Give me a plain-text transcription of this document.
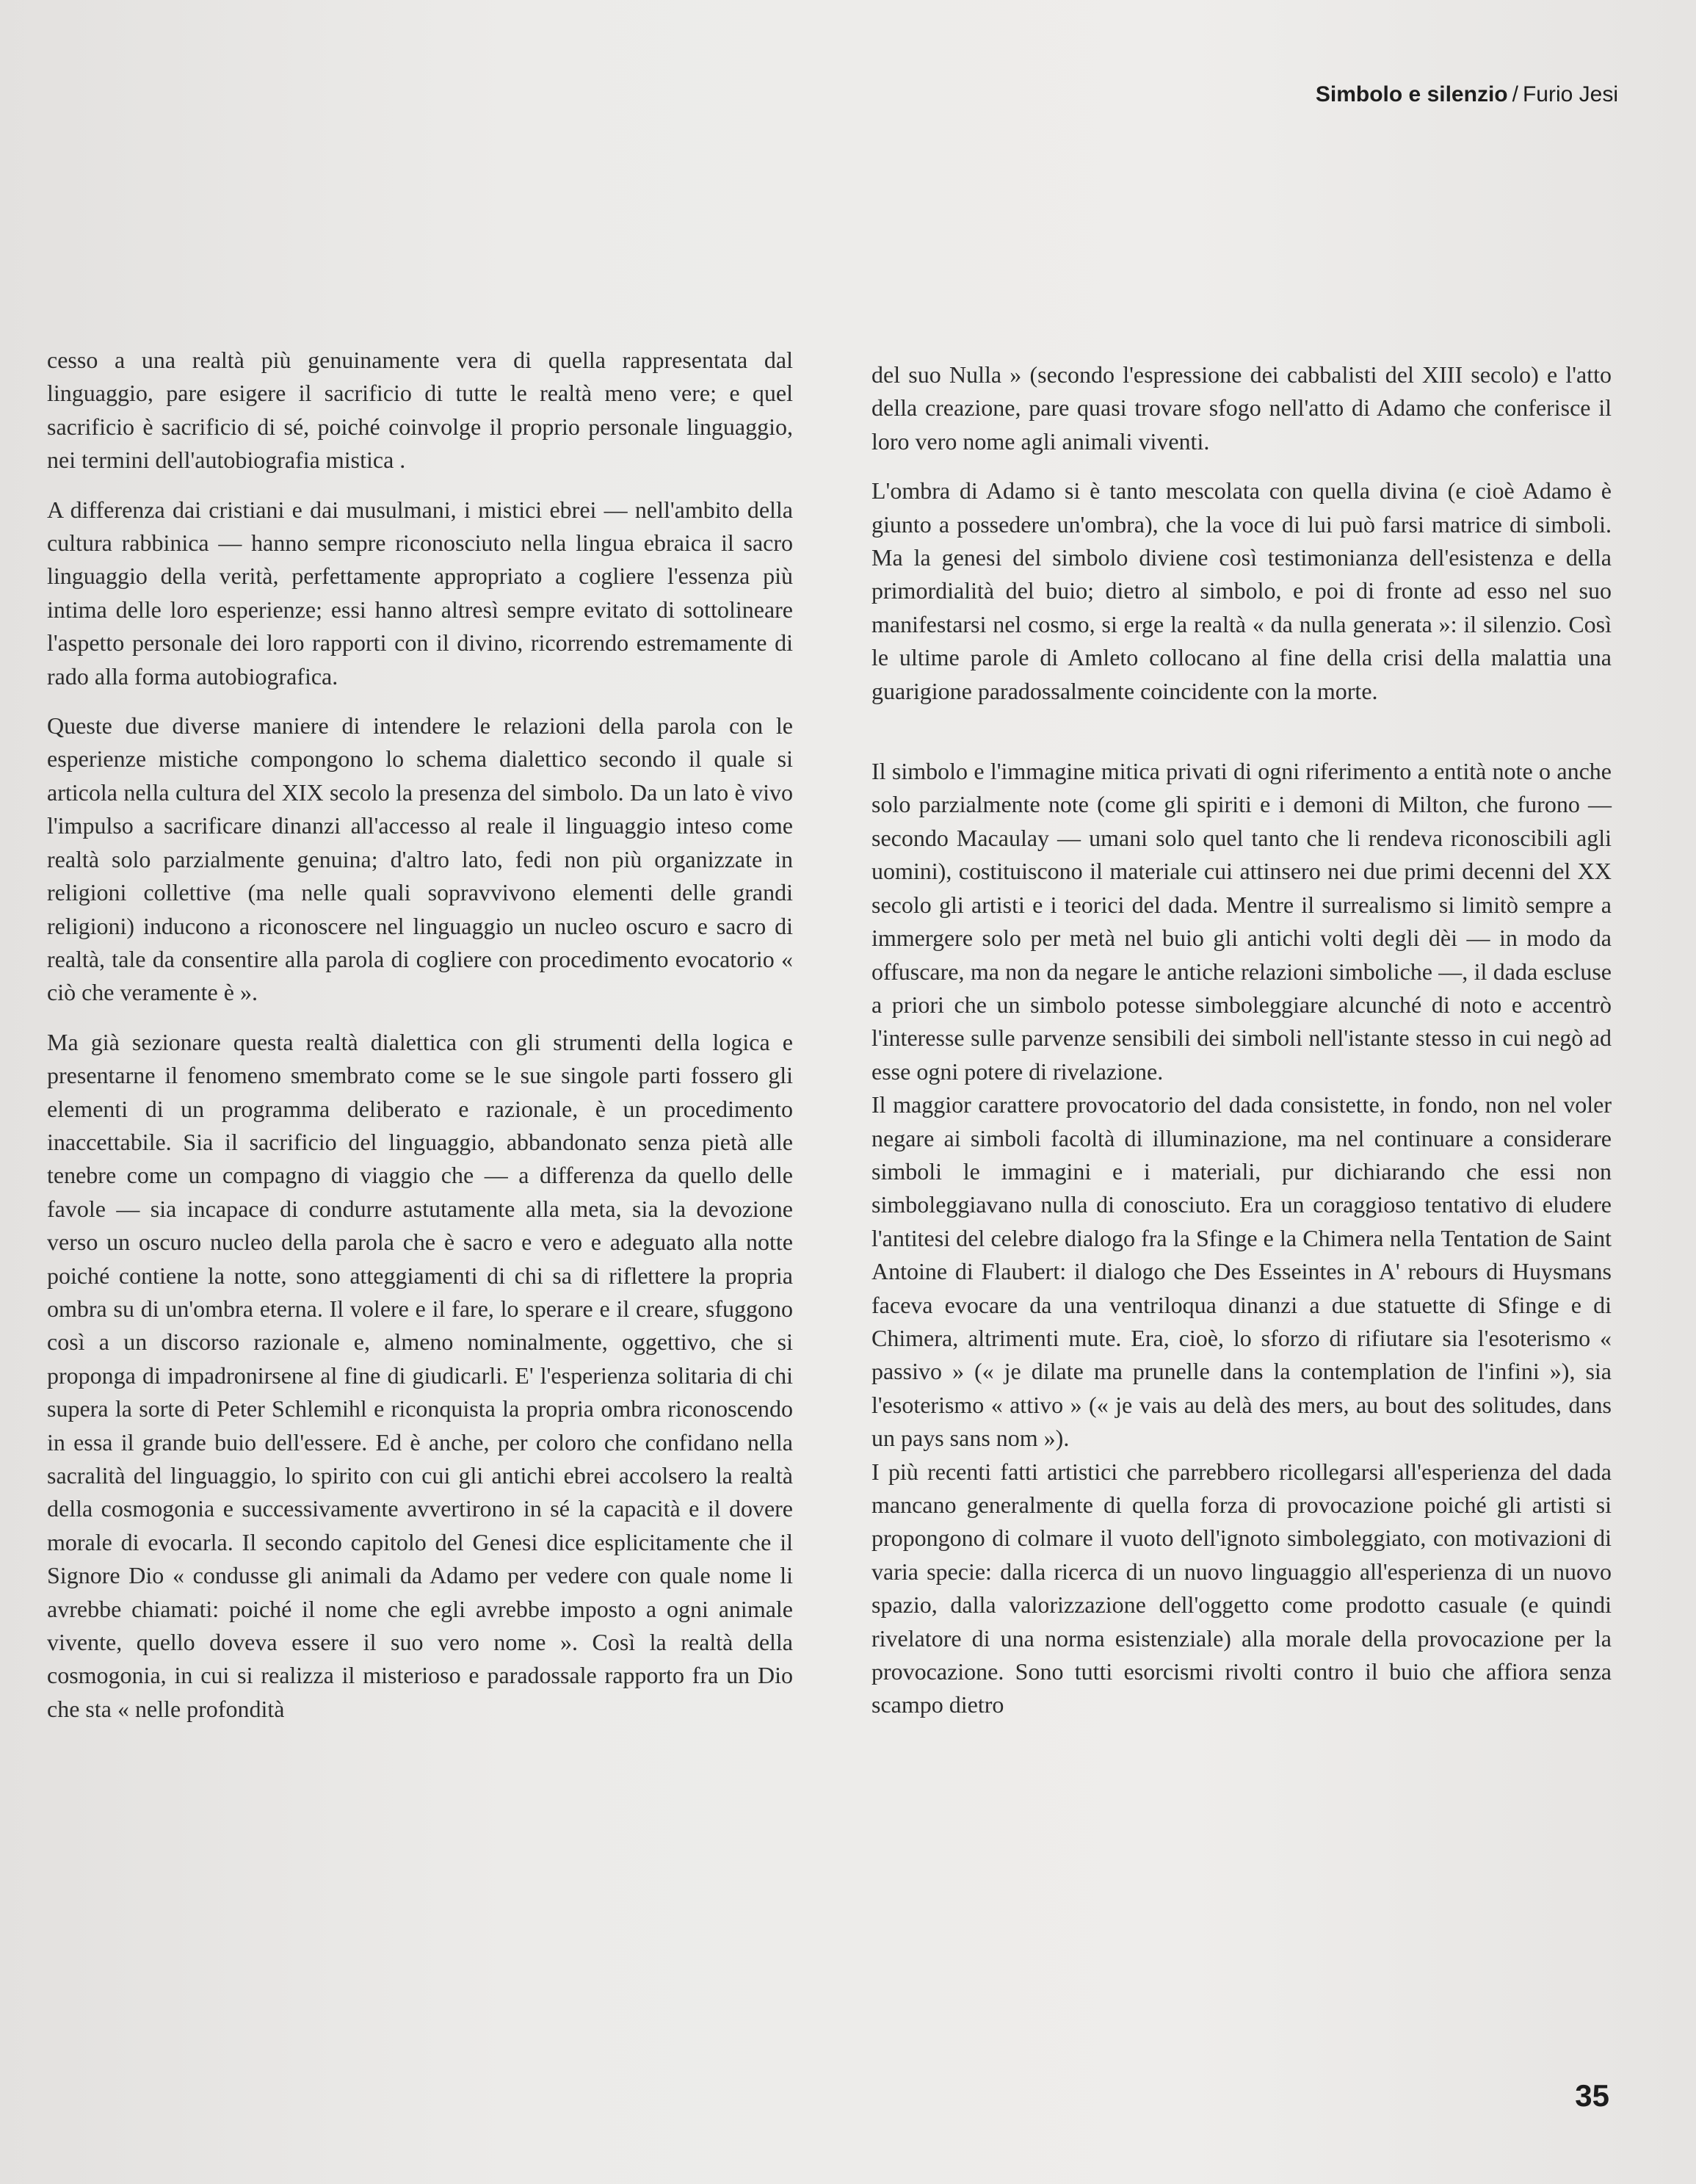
Simbolo e silenzio / Furio Jesi

cesso a una realtà più genuinamente vera di quella rappresentata dal linguaggio, pare esigere il sacrificio di tutte le realtà meno vere; e quel sacrificio è sacrificio di sé, poiché coinvolge il proprio personale linguaggio, nei termini dell'autobiografia mistica .

A differenza dai cristiani e dai musulmani, i mistici ebrei — nell'ambito della cultura rabbinica — hanno sempre riconosciuto nella lingua ebraica il sacro linguaggio della verità, perfettamente appropriato a cogliere l'essenza più intima delle loro esperienze; essi hanno altresì sempre evitato di sottolineare l'aspetto personale dei loro rapporti con il divino, ricorrendo estremamente di rado alla forma autobiografica.

Queste due diverse maniere di intendere le relazioni della parola con le esperienze mistiche compongono lo schema dialettico secondo il quale si articola nella cultura del XIX secolo la presenza del simbolo. Da un lato è vivo l'impulso a sacrificare dinanzi all'accesso al reale il linguaggio inteso come realtà solo parzialmente genuina; d'altro lato, fedi non più organizzate in religioni collettive (ma nelle quali sopravvivono elementi delle grandi religioni) inducono a riconoscere nel linguaggio un nucleo oscuro e sacro di realtà, tale da consentire alla parola di cogliere con procedimento evocatorio « ciò che veramente è ».

Ma già sezionare questa realtà dialettica con gli strumenti della logica e presentarne il fenomeno smembrato come se le sue singole parti fossero gli elementi di un programma deliberato e razionale, è un procedimento inaccettabile. Sia il sacrificio del linguaggio, abbandonato senza pietà alle tenebre come un compagno di viaggio che — a differenza da quello delle favole — sia incapace di condurre astutamente alla meta, sia la devozione verso un oscuro nucleo della parola che è sacro e vero e adeguato alla notte poiché contiene la notte, sono atteggiamenti di chi sa di riflettere la propria ombra su di un'ombra eterna. Il volere e il fare, lo sperare e il creare, sfuggono così a un discorso razionale e, almeno nominalmente, oggettivo, che si proponga di impadronirsene al fine di giudicarli. E' l'esperienza solitaria di chi supera la sorte di Peter Schlemihl e riconquista la propria ombra riconoscendo in essa il grande buio dell'essere. Ed è anche, per coloro che confidano nella sacralità del linguaggio, lo spirito con cui gli antichi ebrei accolsero la realtà della cosmogonia e successivamente avvertirono in sé la capacità e il dovere morale di evocarla. Il secondo capitolo del Genesi dice esplicitamente che il Signore Dio « condusse gli animali da Adamo per vedere con quale nome li avrebbe chiamati: poiché il nome che egli avrebbe imposto a ogni animale vivente, quello doveva essere il suo vero nome ». Così la realtà della cosmogonia, in cui si realizza il misterioso e paradossale rapporto fra un Dio che sta « nelle profondità

del suo Nulla » (secondo l'espressione dei cabbalisti del XIII secolo) e l'atto della creazione, pare quasi trovare sfogo nell'atto di Adamo che conferisce il loro vero nome agli animali viventi.

L'ombra di Adamo si è tanto mescolata con quella divina (e cioè Adamo è giunto a possedere un'ombra), che la voce di lui può farsi matrice di simboli. Ma la genesi del simbolo diviene così testimonianza dell'esistenza e della primordialità del buio; dietro al simbolo, e poi di fronte ad esso nel suo manifestarsi nel cosmo, si erge la realtà « da nulla generata »: il silenzio. Così le ultime parole di Amleto collocano al fine della crisi della malattia una guarigione paradossalmente coincidente con la morte.

Il simbolo e l'immagine mitica privati di ogni riferimento a entità note o anche solo parzialmente note (come gli spiriti e i demoni di Milton, che furono — secondo Macaulay — umani solo quel tanto che li rendeva riconoscibili agli uomini), costituiscono il materiale cui attinsero nei due primi decenni del XX secolo gli artisti e i teorici del dada. Mentre il surrealismo si limitò sempre a immergere solo per metà nel buio gli antichi volti degli dèi — in modo da offuscare, ma non da negare le antiche relazioni simboliche —, il dada escluse a priori che un simbolo potesse simboleggiare alcunché di noto e accentrò l'interesse sulle parvenze sensibili dei simboli nell'istante stesso in cui negò ad esse ogni potere di rivelazione.

Il maggior carattere provocatorio del dada consistette, in fondo, non nel voler negare ai simboli facoltà di illuminazione, ma nel continuare a considerare simboli le immagini e i materiali, pur dichiarando che essi non simboleggiavano nulla di conosciuto. Era un coraggioso tentativo di eludere l'antitesi del celebre dialogo fra la Sfinge e la Chimera nella Tentation de Saint Antoine di Flaubert: il dialogo che Des Esseintes in A' rebours di Huysmans faceva evocare da una ventriloqua dinanzi a due statuette di Sfinge e di Chimera, altrimenti mute. Era, cioè, lo sforzo di rifiutare sia l'esoterismo « passivo » (« je dilate ma prunelle dans la contemplation de l'infini »), sia l'esoterismo « attivo » (« je vais au delà des mers, au bout des solitudes, dans un pays sans nom »).

I più recenti fatti artistici che parrebbero ricollegarsi all'esperienza del dada mancano generalmente di quella forza di provocazione poiché gli artisti si propongono di colmare il vuoto dell'ignoto simboleggiato, con motivazioni di varia specie: dalla ricerca di un nuovo linguaggio all'esperienza di un nuovo spazio, dalla valorizzazione dell'oggetto come prodotto casuale (e quindi rivelatore di una norma esistenziale) alla morale della provocazione per la provocazione. Sono tutti esorcismi rivolti contro il buio che affiora senza scampo dietro

35
